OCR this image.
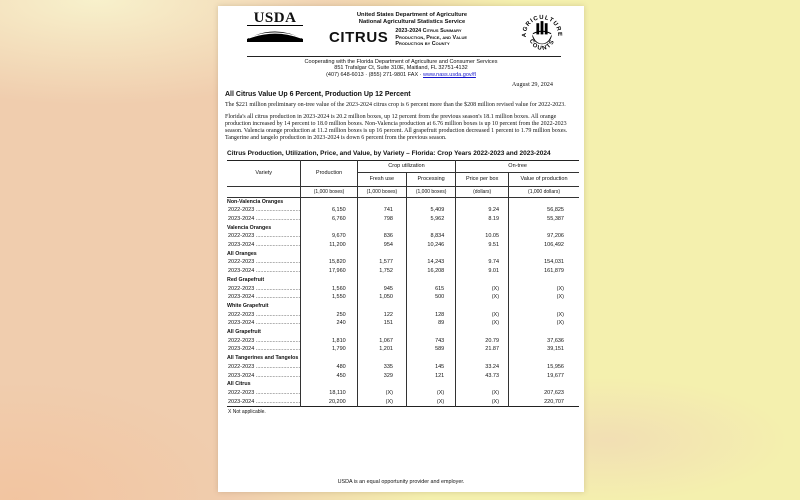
USDA	United States Department of Agriculture
National Agricultural Statistics Service
CITRUS 2023-2024 Citrus Summary
Production, Price, and Value
Production by County
AGRICULTURE
COUNTS
Cooperating with the Florida Department of Agriculture and Consumer Services
851 Trafalgar Ct, Suite 310E, Maitland, FL 32751-4132
(407) 648-6013 · (855) 271-9801 FAX · www.nass.usda.gov/fl
August 29, 2024
All Citrus Value Up 6 Percent, Production Up 12 Percent
The $221 million preliminary on-tree value of the 2023-2024 citrus crop is 6 percent more than the $208 million revised value for 2022-2023.
Florida's all citrus production in 2023-2024 is 20.2 million boxes, up 12 percent from the previous season's 18.1 million boxes. All orange production increased by 14 percent to 18.0 million boxes. Non-Valencia production at 6.76 million boxes is up 10 percent from the 2022-2023 season. Valencia orange production at 11.2 million boxes is up 16 percent. All grapefruit production decreased 1 percent to 1.79 million boxes. Tangerine and tangelo production in 2023-2024 is down 6 percent from the previous season.
Citrus Production, Utilization, Price, and Value, by Variety – Florida: Crop Years 2022-2023 and 2023-2024
Variety	Production	Crop utilization		On-tree	
		Fresh use	Processing	Price per box	Value of production
	(1,000 boxes)	(1,000 boxes)	(1,000 boxes)	(dollars)	(1,000 dollars)
Non-Valencia Oranges					
2022-2023 .....	6,150	741	5,409	9.24	56,825
2023-2024 .....	6,760	798	5,962	8.19	55,387
Valencia Oranges					
2022-2023 .....	9,670	836	8,834	10.05	97,206
2023-2024 .....	11,200	954	10,246	9.51	106,492
All Oranges					
2022-2023 .....	15,820	1,577	14,243	9.74	154,031
2023-2024 .....	17,960	1,752	16,208	9.01	161,879
Red Grapefruit					
2022-2023 .....	1,560	945	615	(X)	(X)
2023-2024 .....	1,550	1,050	500	(X)	(X)
White Grapefruit					
2022-2023 .....	250	122	128	(X)	(X)
2023-2024 .....	240	151	89	(X)	(X)
All Grapefruit					
2022-2023 .....	1,810	1,067	743	20.79	37,636
2023-2024 .....	1,790	1,201	589	21.87	39,151
All Tangerines and Tangelos					
2022-2023 .....	480	335	145	33.24	15,956
2023-2024 .....	450	329	121	43.73	19,677
All Citrus					
2022-2023 .....	18,110	(X)	(X)	(X)	207,623
2023-2024 .....	20,200	(X)	(X)	(X)	220,707
X Not applicable.
USDA is an equal opportunity provider and employer.
